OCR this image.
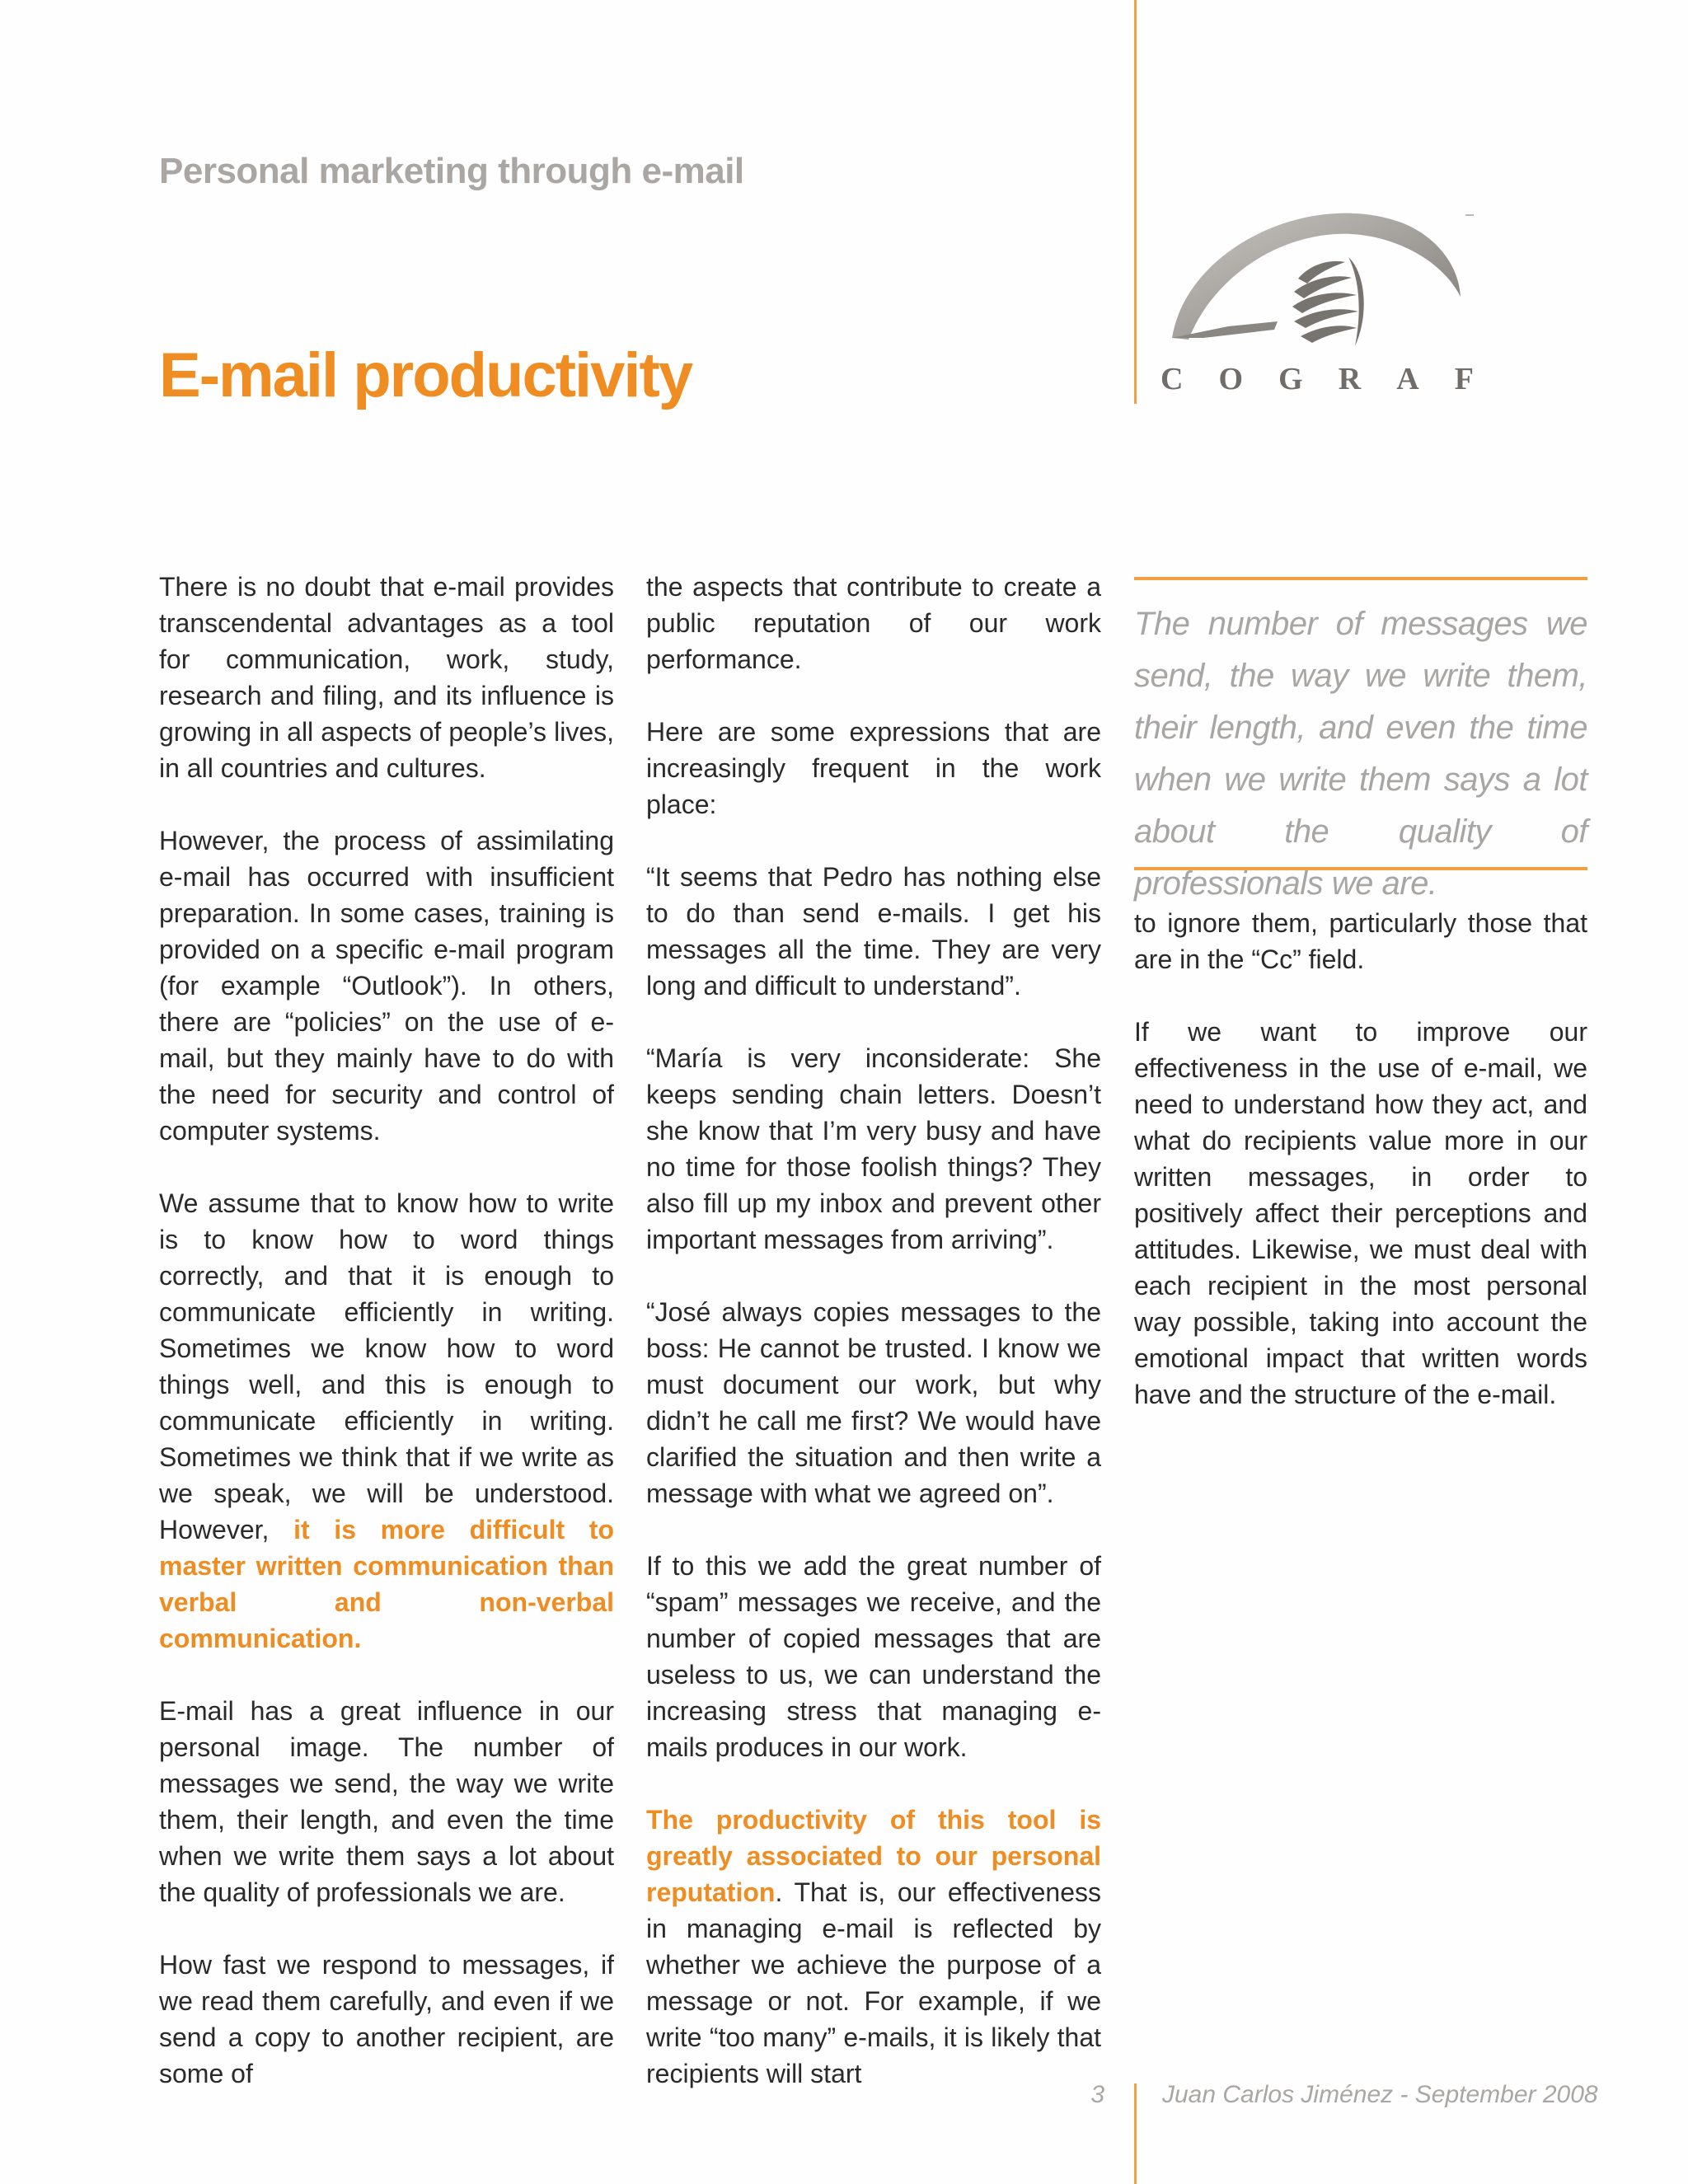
Personal marketing through e-mail
E-mail productivity	C O G R A F

There is no doubt that e-mail provides transcendental advantages as a tool for communication, work, study, research and filing, and its influence is growing in all aspects of people’s lives, in all countries and cultures.

However, the process of assimilating e-mail has occurred with insufficient preparation. In some cases, training is provided on a specific e-mail program (for example “Outlook”). In others, there are “policies” on the use of e-mail, but they mainly have to do with the need for security and control of computer systems.

We assume that to know how to write is to know how to word things correctly, and that it is enough to communicate efficiently in writing. Sometimes we know how to word things well, and this is enough to communicate efficiently in writing. Sometimes we think that if we write as we speak, we will be understood. However, it is more difficult to master written communication than verbal and non-verbal communication.

E-mail has a great influence in our personal image. The number of messages we send, the way we write them, their length, and even the time when we write them says a lot about the quality of professionals we are.

How fast we respond to messages, if we read them carefully, and even if we send a copy to another recipient, are some of

the aspects that contribute to create a public reputation of our work performance.

Here are some expressions that are increasingly frequent in the work place:

“It seems that Pedro has nothing else to do than send e-mails. I get his messages all the time. They are very long and difficult to understand”.

“María is very inconsiderate: She keeps sending chain letters. Doesn’t she know that I’m very busy and have no time for those foolish things? They also fill up my inbox and prevent other important messages from arriving”.

“José always copies messages to the boss: He cannot be trusted. I know we must document our work, but why didn’t he call me first? We would have clarified the situation and then write a message with what we agreed on”.

If to this we add the great number of “spam” messages we receive, and the number of copied messages that are useless to us, we can understand the increasing stress that managing e-mails produces in our work.

The productivity of this tool is greatly associated to our personal reputation. That is, our effectiveness in managing e-mail is reflected by whether we achieve the purpose of a message or not. For example, if we write “too many” e-mails, it is likely that recipients will start

The number of messages we send, the way we write them, their length, and even the time when we write them says a lot about the quality of professionals we are.

to ignore them, particularly those that are in the “Cc” field.

If we want to improve our effectiveness in the use of e-mail, we need to understand how they act, and what do recipients value more in our written messages, in order to positively affect their perceptions and attitudes. Likewise, we must deal with each recipient in the most personal way possible, taking into account the emotional impact that written words have and the structure of the e-mail.

3 Juan Carlos Jiménez - September 2008
